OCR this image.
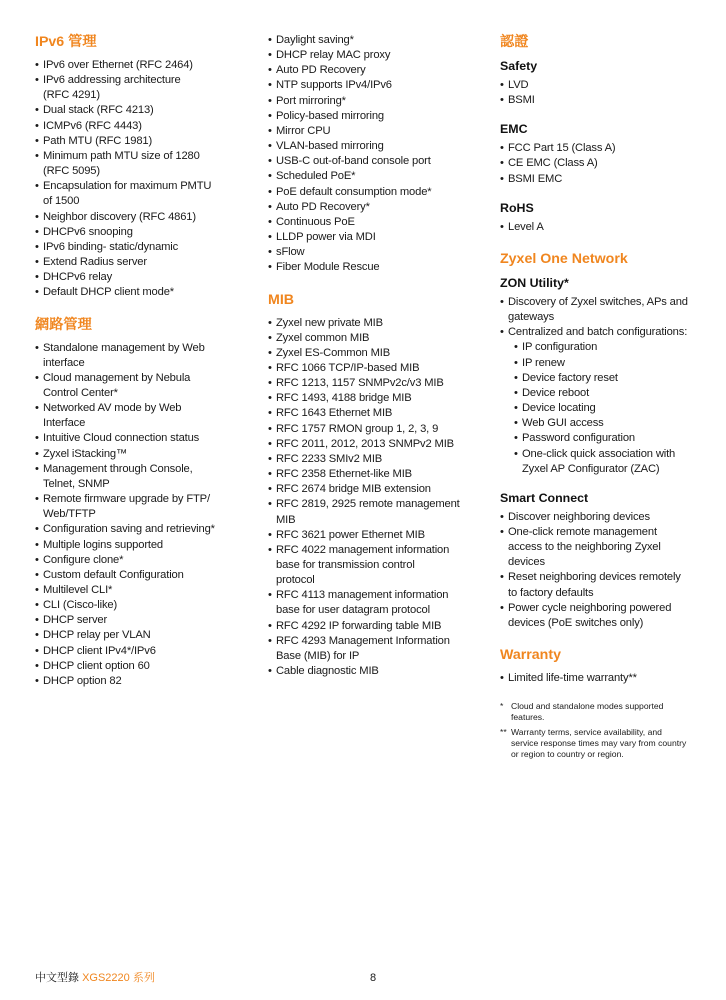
IPv6 管理
• IPv6 over Ethernet (RFC 2464)
• IPv6 addressing architecture
(RFC 4291)
• Dual stack (RFC 4213)
• ICMPv6 (RFC 4443)
• Path MTU (RFC 1981)
• Minimum path MTU size of 1280
(RFC 5095)
• Encapsulation for maximum PMTU
of 1500
• Neighbor discovery (RFC 4861)
• DHCPv6 snooping
• IPv6 binding- static/dynamic
• Extend Radius server
• DHCPv6 relay
• Default DHCP client mode*
網路管理
• Standalone management by Web
interface
• Cloud management by Nebula
Control Center*
• Networked AV mode by Web
Interface
• Intuitive Cloud connection status
• Zyxel iStacking™
• Management through Console,
Telnet, SNMP
• Remote firmware upgrade by FTP/
Web/TFTP
• Configuration saving and retrieving*
• Multiple logins supported
• Configure clone*
• Custom default Configuration
• Multilevel CLI*
• CLI (Cisco-like)
• DHCP server
• DHCP relay per VLAN
• DHCP client IPv4*/IPv6
• DHCP client option 60
• DHCP option 82
• Daylight saving*
• DHCP relay MAC proxy
• Auto PD Recovery
• NTP supports IPv4/IPv6
• Port mirroring*
• Policy-based mirroring
• Mirror CPU
• VLAN-based mirroring
• USB-C out-of-band console port
• Scheduled PoE*
• PoE default consumption mode*
• Auto PD Recovery*
• Continuous PoE
• LLDP power via MDI
• sFlow
• Fiber Module Rescue
MIB
• Zyxel new private MIB
• Zyxel common MIB
• Zyxel ES-Common MIB
• RFC 1066 TCP/IP-based MIB
• RFC 1213, 1157 SNMPv2c/v3 MIB
• RFC 1493, 4188 bridge MIB
• RFC 1643 Ethernet MIB
• RFC 1757 RMON group 1, 2, 3, 9
• RFC 2011, 2012, 2013 SNMPv2 MIB
• RFC 2233 SMIv2 MIB
• RFC 2358 Ethernet-like MIB
• RFC 2674 bridge MIB extension
• RFC 2819, 2925 remote management
MIB
• RFC 3621 power Ethernet MIB
• RFC 4022 management information
base for transmission control
protocol
• RFC 4113 management information
base for user datagram protocol
• RFC 4292 IP forwarding table MIB
• RFC 4293 Management Information
Base (MIB) for IP
• Cable diagnostic MIB
認證
Safety
• LVD
• BSMI
EMC
• FCC Part 15 (Class A)
• CE EMC (Class A)
• BSMI EMC
RoHS
• Level A
Zyxel One Network
ZON Utility*
• Discovery of Zyxel switches, APs and
gateways
• Centralized and batch configurations:
• IP configuration
• IP renew
• Device factory reset
• Device reboot
• Device locating
• Web GUI access
• Password configuration
• One-click quick association with
Zyxel AP Configurator (ZAC)
Smart Connect
• Discover neighboring devices
• One-click remote management
access to the neighboring Zyxel
devices
• Reset neighboring devices remotely
to factory defaults
• Power cycle neighboring powered
devices (PoE switches only)
Warranty
• Limited life-time warranty**
* Cloud and standalone modes supported
features.
** Warranty terms, service availability, and
service response times may vary from country
or region to country or region.
中文型錄 XGS2220 系列	8
